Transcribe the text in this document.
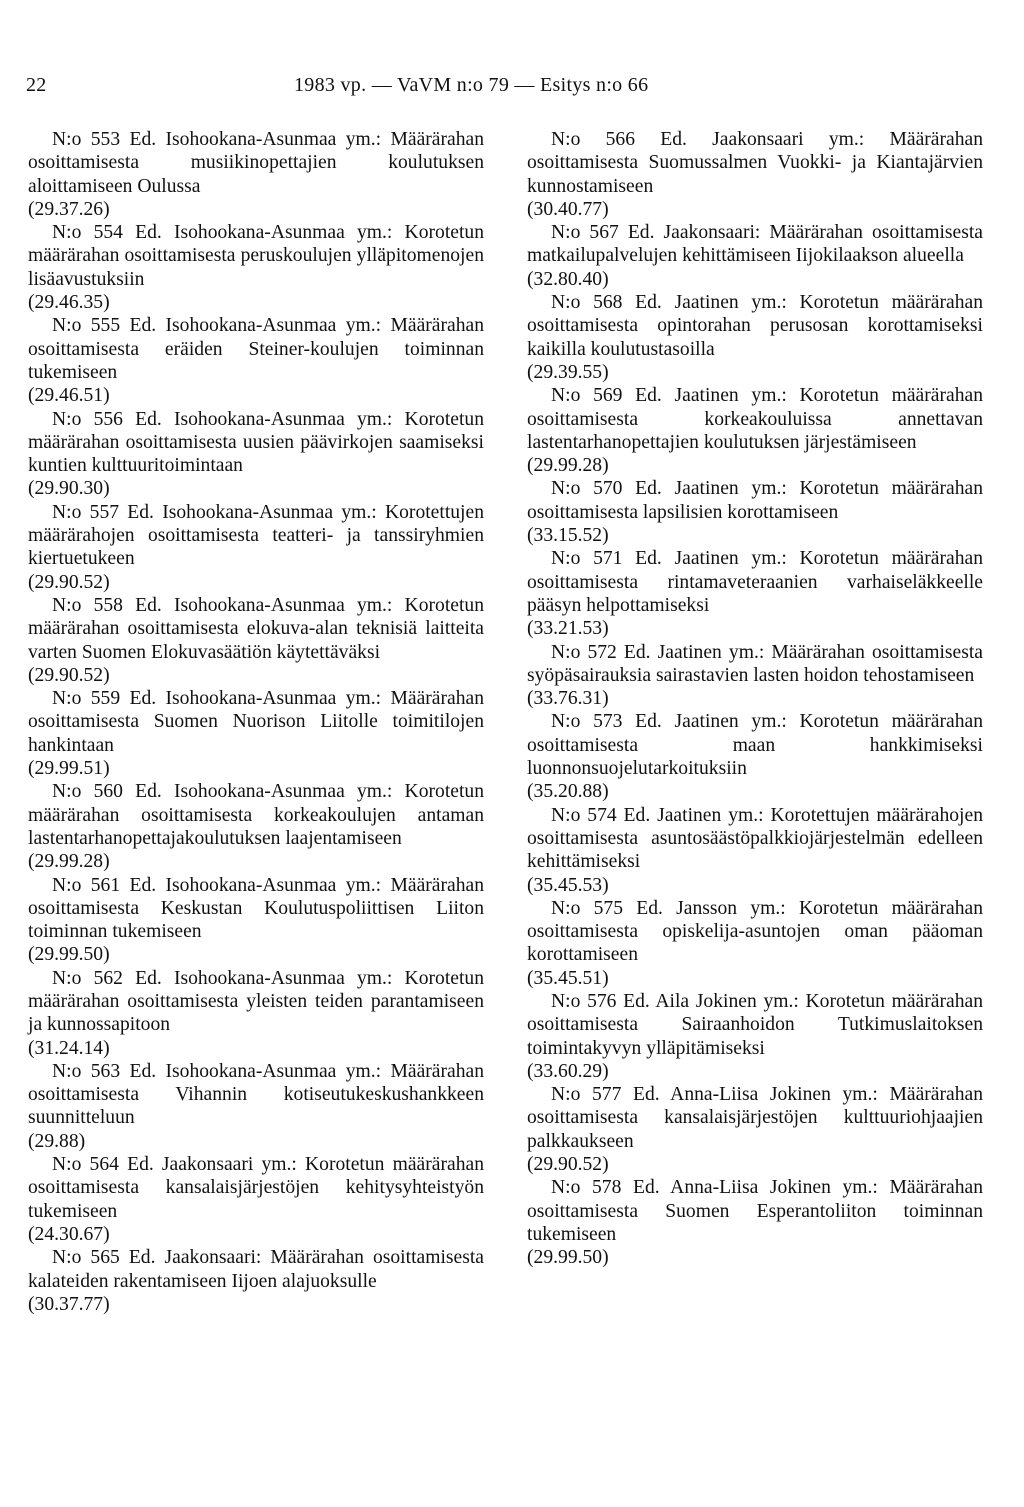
22	1983 vp. — VaVM n:o 79 — Esitys n:o 66
N:o 553 Ed. Isohookana-Asunmaa ym.: Määrärahan osoittamisesta musiikinopettajien koulutuksen aloittamiseen Oulussa
(29.37.26)
N:o 554 Ed. Isohookana-Asunmaa ym.: Korotetun määrärahan osoittamisesta peruskoulujen ylläpitomenojen lisäavustuksiin
(29.46.35)
N:o 555 Ed. Isohookana-Asunmaa ym.: Määrärahan osoittamisesta eräiden Steiner-koulujen toiminnan tukemiseen
(29.46.51)
N:o 556 Ed. Isohookana-Asunmaa ym.: Korotetun määrärahan osoittamisesta uusien päävirkojen saamiseksi kuntien kulttuuritoimintaan
(29.90.30)
N:o 557 Ed. Isohookana-Asunmaa ym.: Korotettujen määrärahojen osoittamisesta teatteri- ja tanssiryhmien kiertuetukeen
(29.90.52)
N:o 558 Ed. Isohookana-Asunmaa ym.: Korotetun määrärahan osoittamisesta elokuva-alan teknisiä laitteita varten Suomen Elokuvasäätiön käytettäväksi
(29.90.52)
N:o 559 Ed. Isohookana-Asunmaa ym.: Määrärahan osoittamisesta Suomen Nuorison Liitolle toimitilojen hankintaan
(29.99.51)
N:o 560 Ed. Isohookana-Asunmaa ym.: Korotetun määrärahan osoittamisesta korkeakoulujen antaman lastentarhanopettajakoulutuksen laajentamiseen
(29.99.28)
N:o 561 Ed. Isohookana-Asunmaa ym.: Määrärahan osoittamisesta Keskustan Koulutuspoliittisen Liiton toiminnan tukemiseen
(29.99.50)
N:o 562 Ed. Isohookana-Asunmaa ym.: Korotetun määrärahan osoittamisesta yleisten teiden parantamiseen ja kunnossapitoon
(31.24.14)
N:o 563 Ed. Isohookana-Asunmaa ym.: Määrärahan osoittamisesta Vihannin kotiseutukeskushankkeen suunnitteluun
(29.88)
N:o 564 Ed. Jaakonsaari ym.: Korotetun määrärahan osoittamisesta kansalaisjärjestöjen kehitysyhteistyön tukemiseen
(24.30.67)
N:o 565 Ed. Jaakonsaari: Määrärahan osoittamisesta kalateiden rakentamiseen Iijoen alajuoksulle
(30.37.77)
N:o 566 Ed. Jaakonsaari ym.: Määrärahan osoittamisesta Suomussalmen Vuokki- ja Kiantajärvien kunnostamiseen
(30.40.77)
N:o 567 Ed. Jaakonsaari: Määrärahan osoittamisesta matkailupalvelujen kehittämiseen Iijokilaakson alueella
(32.80.40)
N:o 568 Ed. Jaatinen ym.: Korotetun määrärahan osoittamisesta opintorahan perusosan korottamiseksi kaikilla koulutustasoilla
(29.39.55)
N:o 569 Ed. Jaatinen ym.: Korotetun määrärahan osoittamisesta korkeakouluissa annettavan lastentarhanopettajien koulutuksen järjestämiseen
(29.99.28)
N:o 570 Ed. Jaatinen ym.: Korotetun määrärahan osoittamisesta lapsilisien korottamiseen
(33.15.52)
N:o 571 Ed. Jaatinen ym.: Korotetun määrärahan osoittamisesta rintamaveteraanien varhaiseläkkeelle pääsyn helpottamiseksi
(33.21.53)
N:o 572 Ed. Jaatinen ym.: Määrärahan osoittamisesta syöpäsairauksia sairastavien lasten hoidon tehostamiseen
(33.76.31)
N:o 573 Ed. Jaatinen ym.: Korotetun määrärahan osoittamisesta maan hankkimiseksi luonnonsuojelutarkoituksiin
(35.20.88)
N:o 574 Ed. Jaatinen ym.: Korotettujen määrärahojen osoittamisesta asuntosäästöpalkkiojärjestelmän edelleen kehittämiseksi
(35.45.53)
N:o 575 Ed. Jansson ym.: Korotetun määrärahan osoittamisesta opiskelija-asuntojen oman pääoman korottamiseen
(35.45.51)
N:o 576 Ed. Aila Jokinen ym.: Korotetun määrärahan osoittamisesta Sairaanhoidon Tutkimuslaitoksen toimintakyvyn ylläpitämiseksi
(33.60.29)
N:o 577 Ed. Anna-Liisa Jokinen ym.: Määrärahan osoittamisesta kansalaisjärjestöjen kulttuuriohjaajien palkkaukseen
(29.90.52)
N:o 578 Ed. Anna-Liisa Jokinen ym.: Määrärahan osoittamisesta Suomen Esperantoliiton toiminnan tukemiseen
(29.99.50)
